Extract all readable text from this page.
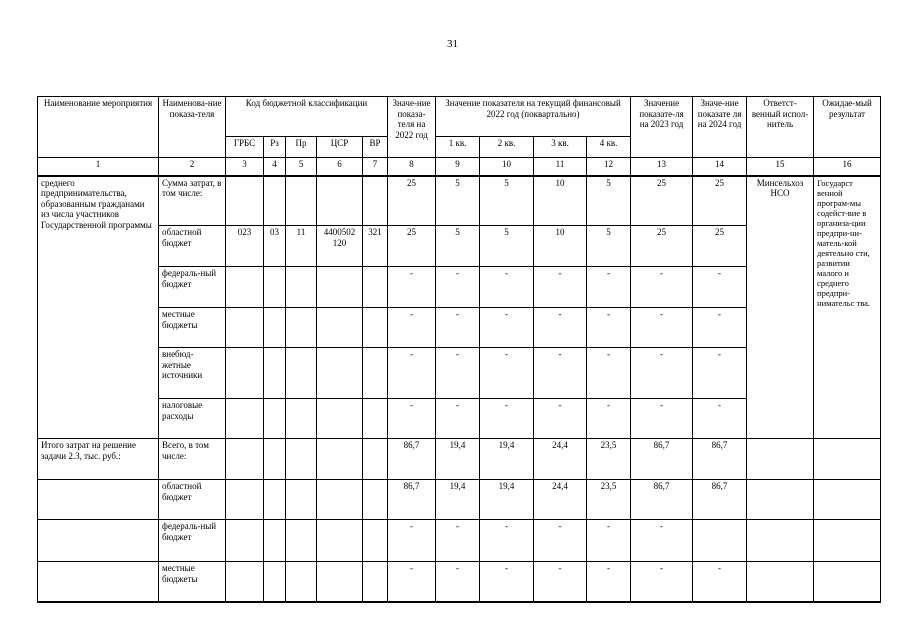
31
Наименование мероприятия	Наименова-ние показа-теля	Код бюджетной классификации					Значе-ние показа-теля на 2022 год	Значение показателя на текущий финансовый 2022 год (поквартально)				Значение показате-ля на 2023 год	Значе-ние показате ля на 2024 год	Ответст-венный испол-нитель	Ожидае-мый результат
		ГРБС	Рз	Пр	ЦСР	ВР		1 кв.	2 кв.	3 кв.	4 кв.				
1	2	3	4	5	6	7	8	9	10	11	12	13	14	15	16
среднего предпринимательства, образованным гражданами из числа участников Государственной программы	Сумма затрат, в том числе:						25	5	5	10	5	25	25	Минсельхоз НСО	Государст венной програм-мы содейст-вие в организа-ции предпри-ни-матель-кой деятельно сти, развитии малого и среднего предпри-нимательс тва.
	областной бюджет	023	03	11	4400502 120	321	25	5	5	10	5	25	25		
	федераль-ный бюджет						-	-	-	-	-	-	-		
	местные бюджеты						-	-	-	-	-	-	-		
	внебюд-жетные источники						-	-	-	-	-	-	-		
	налоговые расходы						-	-	-	-	-	-	-		
Итого затрат на решение задачи 2.3, тыс. руб.:	Всего, в том числе:						86,7	19,4	19,4	24,4	23,5	86,7	86,7		
	областной бюджет						86,7	19,4	19,4	24,4	23,5	86,7	86,7		
	федераль-ный бюджет						-	-	-	-	-	-			
	местные бюджеты						-	-	-	-	-	-	-		
